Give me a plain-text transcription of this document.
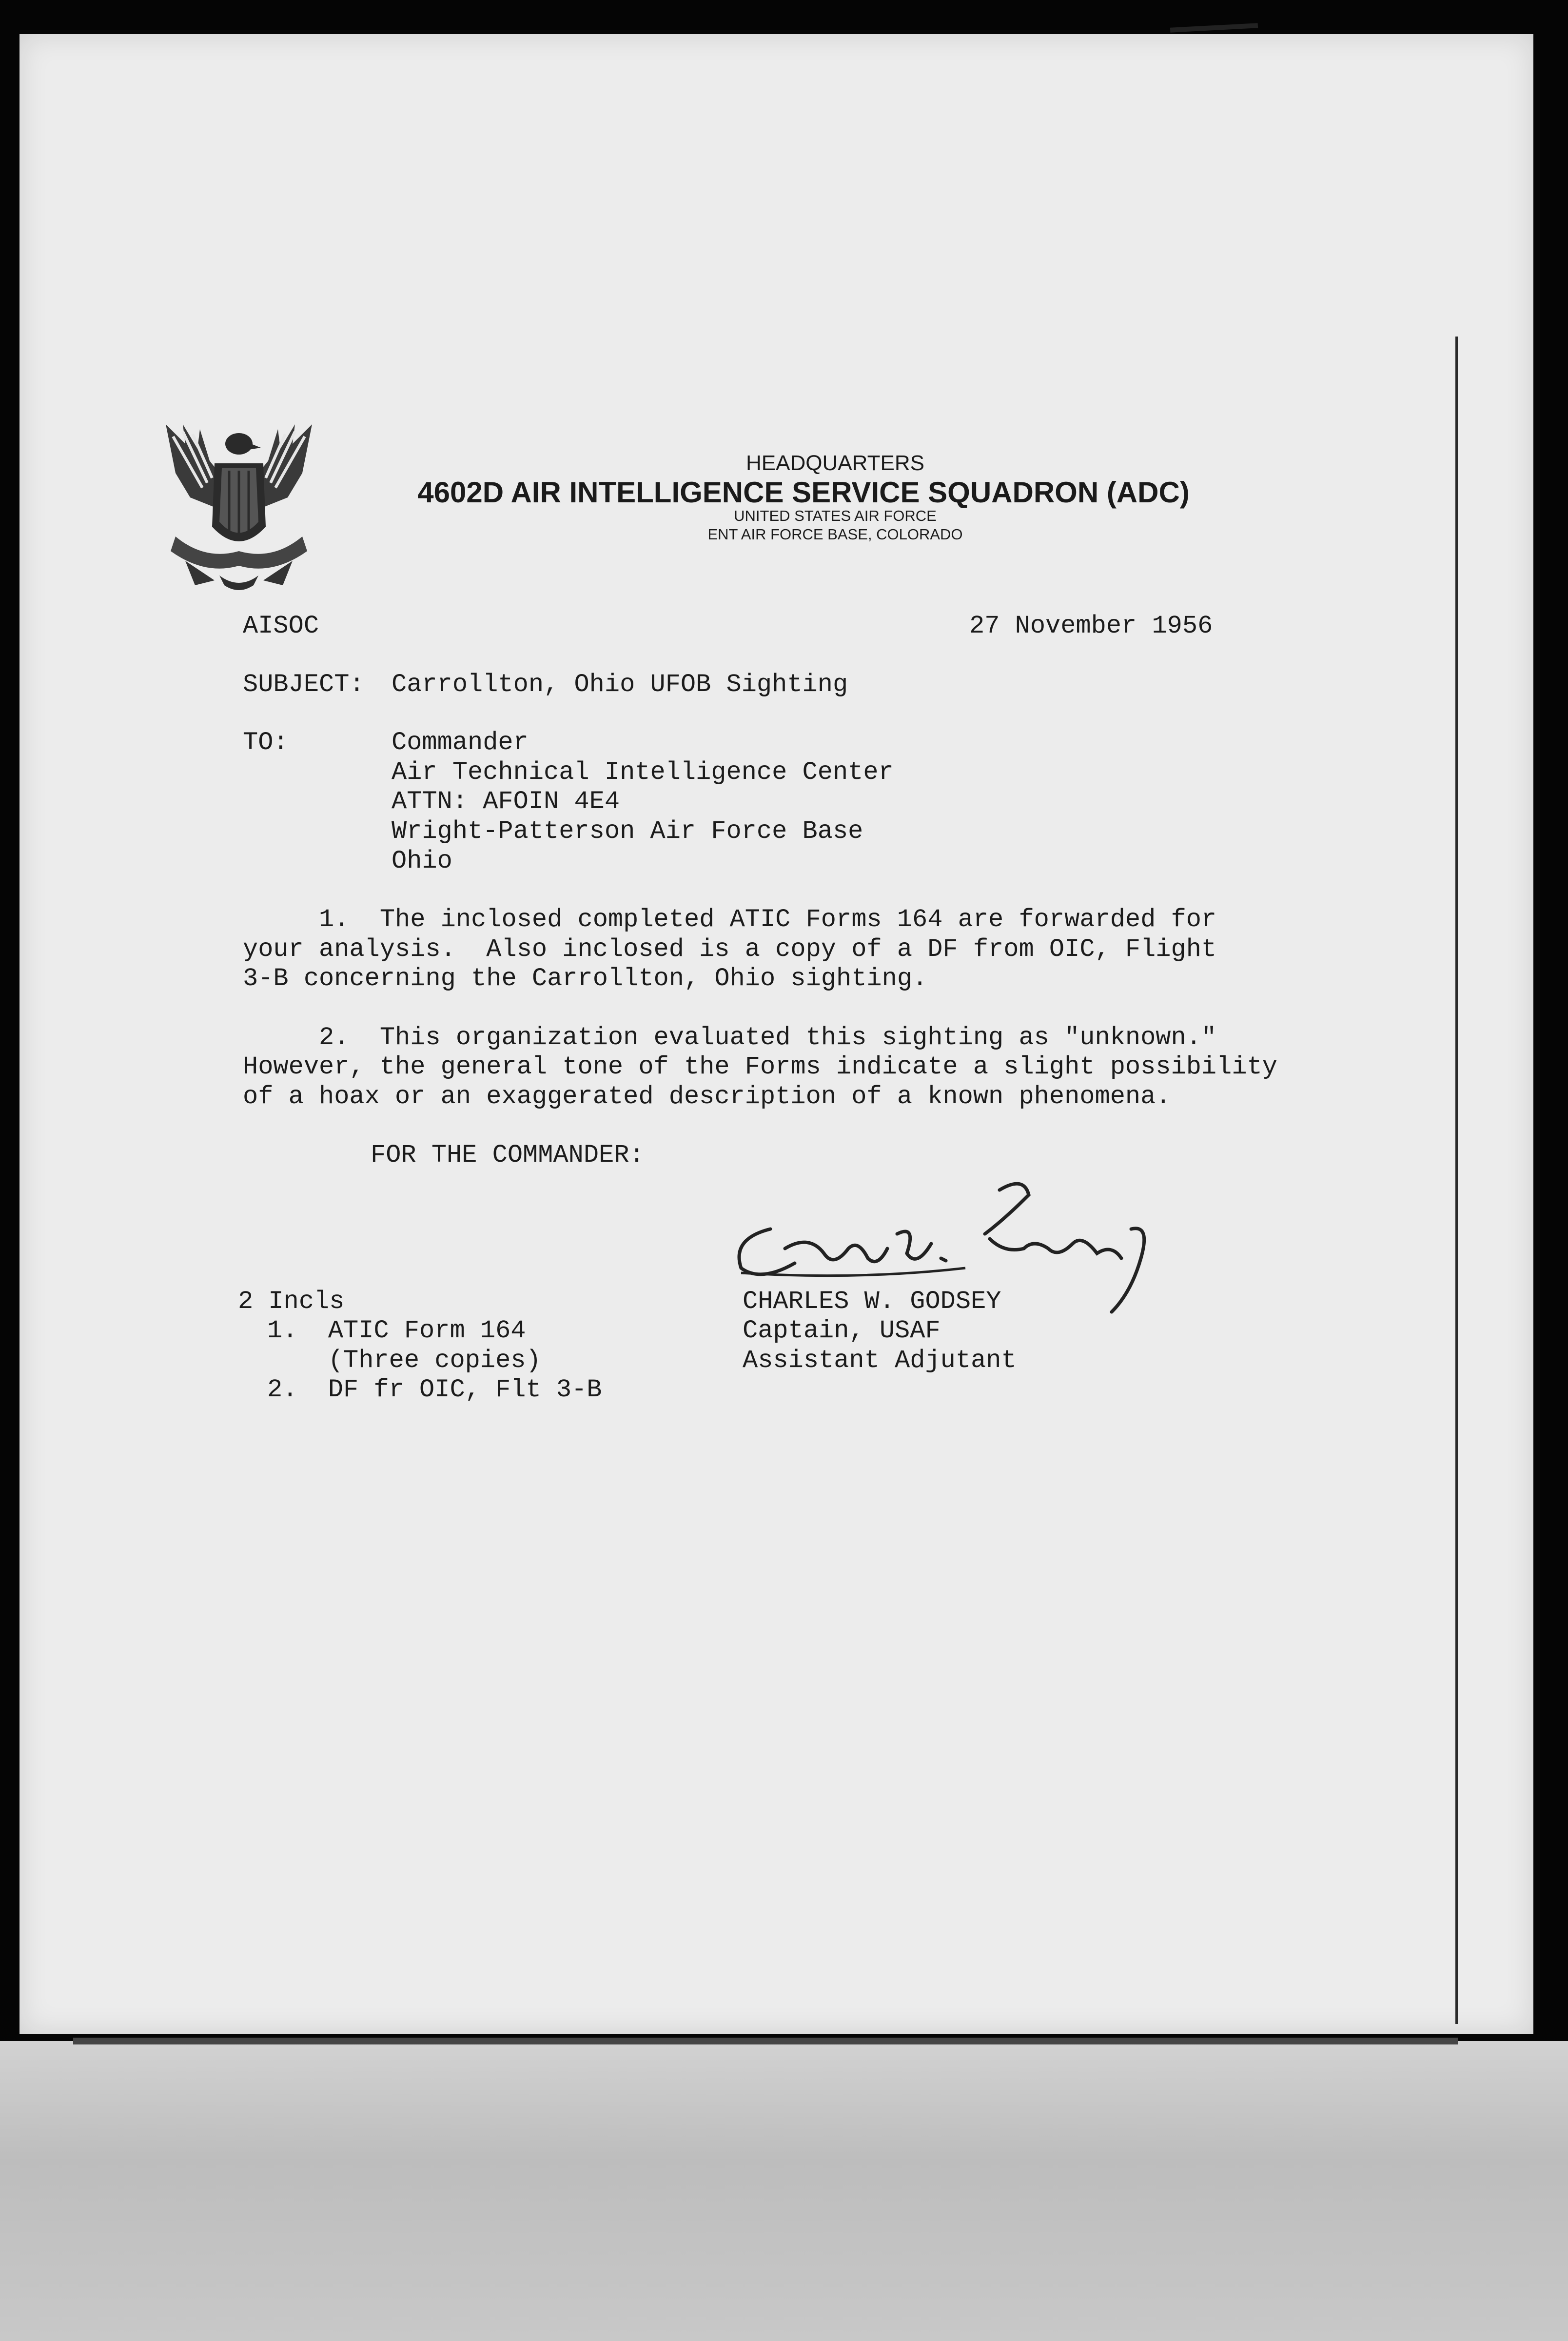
HEADQUARTERS
4602D AIR INTELLIGENCE SERVICE SQUADRON (ADC)
UNITED STATES AIR FORCE
ENT AIR FORCE BASE, COLORADO

AISOC	27 November 1956

SUBJECT: Carrollton, Ohio UFOB Sighting

TO:	Commander

Air Technical Intelligence Center

ATTN: AFOIN 4E4

Wright-Patterson Air Force Base

Ohio

1.  The inclosed completed ATIC Forms 164 are forwarded for

your analysis.  Also inclosed is a copy of a DF from OIC, Flight

3-B concerning the Carrollton, Ohio sighting.

2.  This organization evaluated this sighting as "unknown."

However, the general tone of the Forms indicate a slight possibility

of a hoax or an exaggerated description of a known phenomena.

FOR THE COMMANDER:

2 Incls

1.  ATIC Form 164

(Three copies)

2.  DF fr OIC, Flt 3-B

CHARLES W. GODSEY

Captain, USAF

Assistant Adjutant
